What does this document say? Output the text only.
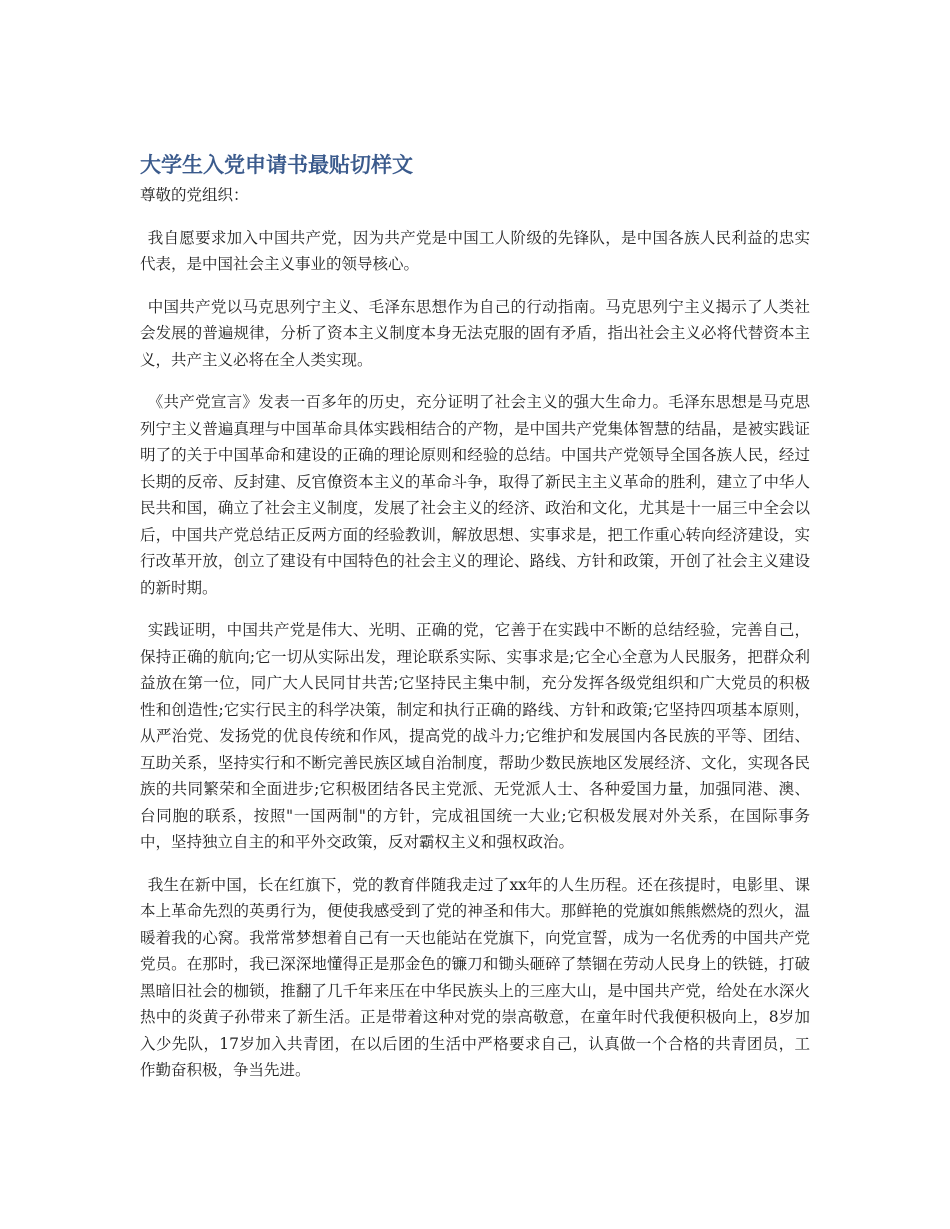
大学生入党申请书最贴切样文

尊敬的党组织：

我自愿要求加入中国共产党，因为共产党是中国工人阶级的先锋队，是中国各族人民利益的忠实代表，是中国社会主义事业的领导核心。

中国共产党以马克思列宁主义、毛泽东思想作为自己的行动指南。马克思列宁主义揭示了人类社会发展的普遍规律，分析了资本主义制度本身无法克服的固有矛盾，指出社会主义必将代替资本主义，共产主义必将在全人类实现。

《共产党宣言》发表一百多年的历史，充分证明了社会主义的强大生命力。毛泽东思想是马克思列宁主义普遍真理与中国革命具体实践相结合的产物，是中国共产党集体智慧的结晶，是被实践证明了的关于中国革命和建设的正确的理论原则和经验的总结。中国共产党领导全国各族人民，经过长期的反帝、反封建、反官僚资本主义的革命斗争，取得了新民主主义革命的胜利，建立了中华人民共和国，确立了社会主义制度，发展了社会主义的经济、政治和文化，尤其是十一届三中全会以后，中国共产党总结正反两方面的经验教训，解放思想、实事求是，把工作重心转向经济建设，实行改革开放，创立了建设有中国特色的社会主义的理论、路线、方针和政策，开创了社会主义建设的新时期。

实践证明，中国共产党是伟大、光明、正确的党，它善于在实践中不断的总结经验，完善自己，保持正确的航向;它一切从实际出发，理论联系实际、实事求是;它全心全意为人民服务，把群众利益放在第一位，同广大人民同甘共苦;它坚持民主集中制，充分发挥各级党组织和广大党员的积极性和创造性;它实行民主的科学决策，制定和执行正确的路线、方针和政策;它坚持四项基本原则，从严治党、发扬党的优良传统和作风，提高党的战斗力;它维护和发展国内各民族的平等、团结、互助关系，坚持实行和不断完善民族区域自治制度，帮助少数民族地区发展经济、文化，实现各民族的共同繁荣和全面进步;它积极团结各民主党派、无党派人士、各种爱国力量，加强同港、澳、台同胞的联系，按照"一国两制"的方针，完成祖国统一大业;它积极发展对外关系，在国际事务中，坚持独立自主的和平外交政策，反对霸权主义和强权政治。

我生在新中国，长在红旗下，党的教育伴随我走过了xx年的人生历程。还在孩提时，电影里、课本上革命先烈的英勇行为，便使我感受到了党的神圣和伟大。那鲜艳的党旗如熊熊燃烧的烈火，温暖着我的心窝。我常常梦想着自己有一天也能站在党旗下，向党宣誓，成为一名优秀的中国共产党党员。在那时，我已深深地懂得正是那金色的镰刀和锄头砸碎了禁锢在劳动人民身上的铁链，打破黑暗旧社会的枷锁，推翻了几千年来压在中华民族头上的三座大山，是中国共产党，给处在水深火热中的炎黄子孙带来了新生活。正是带着这种对党的崇高敬意，在童年时代我便积极向上，8岁加入少先队，17岁加入共青团，在以后团的生活中严格要求自己，认真做一个合格的共青团员，工作勤奋积极，争当先进。
